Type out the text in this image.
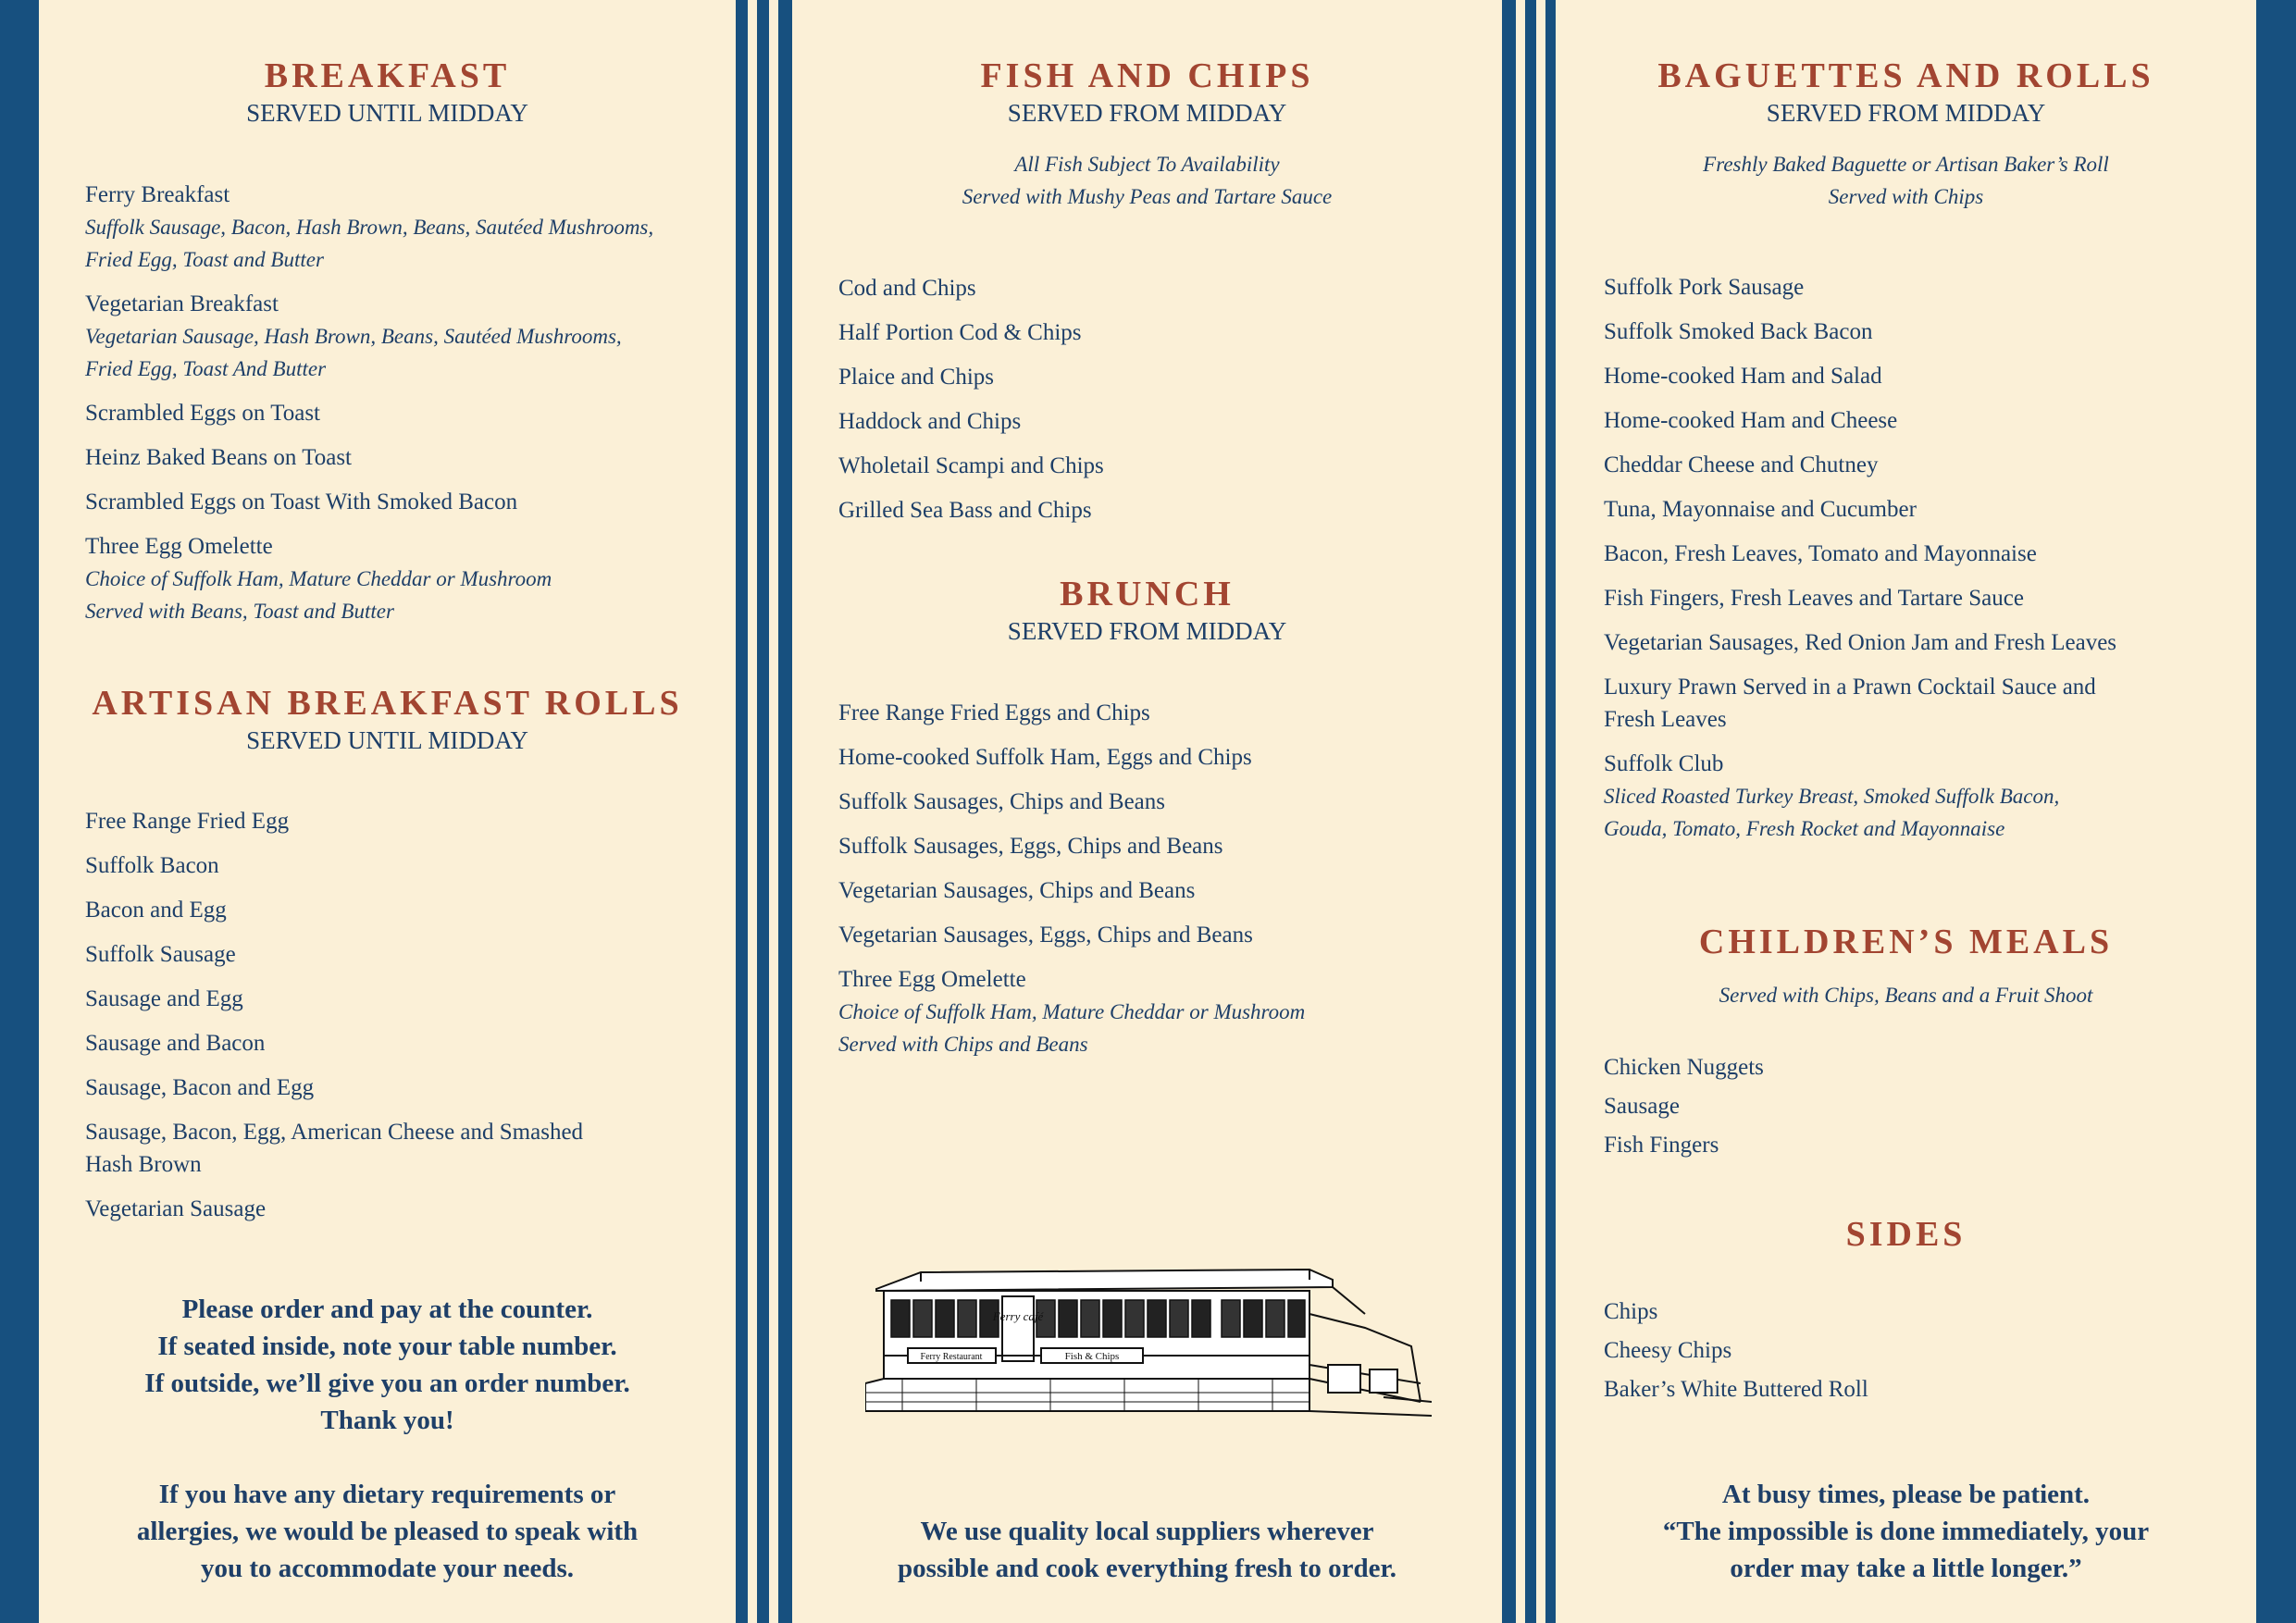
BREAKFAST
SERVED UNTIL MIDDAY
Ferry Breakfast
Suffolk Sausage, Bacon, Hash Brown, Beans, Sautéed Mushrooms,
Fried Egg, Toast and Butter
Vegetarian Breakfast
Vegetarian Sausage, Hash Brown, Beans, Sautéed Mushrooms,
Fried Egg, Toast And Butter
Scrambled Eggs on Toast
Heinz Baked Beans on Toast
Scrambled Eggs on Toast With Smoked Bacon
Three Egg Omelette
Choice of Suffolk Ham, Mature Cheddar or Mushroom
Served with Beans, Toast and Butter
ARTISAN BREAKFAST ROLLS
SERVED UNTIL MIDDAY
Free Range Fried Egg
Suffolk Bacon
Bacon and Egg
Suffolk Sausage
Sausage and Egg
Sausage and Bacon
Sausage, Bacon and Egg
Sausage, Bacon, Egg, American Cheese and Smashed
Hash Brown
Vegetarian Sausage
Please order and pay at the counter.
If seated inside, note your table number.
If outside, we’ll give you an order number.
Thank you!
If you have any dietary requirements or
allergies, we would be pleased to speak with
you to accommodate your needs.
FISH AND CHIPS
SERVED FROM MIDDAY
All Fish Subject To Availability
Served with Mushy Peas and Tartare Sauce
Cod and Chips
Half Portion Cod & Chips
Plaice and Chips
Haddock and Chips
Wholetail Scampi and Chips
Grilled Sea Bass and Chips
BRUNCH
SERVED FROM MIDDAY
Free Range Fried Eggs and Chips
Home-cooked Suffolk Ham, Eggs and Chips
Suffolk Sausages, Chips and Beans
Suffolk Sausages, Eggs, Chips and Beans
Vegetarian Sausages, Chips and Beans
Vegetarian Sausages, Eggs, Chips and Beans
Three Egg Omelette
Choice of Suffolk Ham, Mature Cheddar or Mushroom
Served with Chips and Beans
Ferry café
Ferry Restaurant	Fish & Chips
We use quality local suppliers wherever
possible and cook everything fresh to order.
BAGUETTES AND ROLLS
SERVED FROM MIDDAY
Freshly Baked Baguette or Artisan Baker’s Roll
Served with Chips
Suffolk Pork Sausage
Suffolk Smoked Back Bacon
Home-cooked Ham and Salad
Home-cooked Ham and Cheese
Cheddar Cheese and Chutney
Tuna, Mayonnaise and Cucumber
Bacon, Fresh Leaves, Tomato and Mayonnaise
Fish Fingers, Fresh Leaves and Tartare Sauce
Vegetarian Sausages, Red Onion Jam and Fresh Leaves
Luxury Prawn Served in a Prawn Cocktail Sauce and
Fresh Leaves
Suffolk Club
Sliced Roasted Turkey Breast, Smoked Suffolk Bacon,
Gouda, Tomato, Fresh Rocket and Mayonnaise
CHILDREN’S MEALS
Served with Chips, Beans and a Fruit Shoot
Chicken Nuggets
Sausage
Fish Fingers
SIDES
Chips
Cheesy Chips
Baker’s White Buttered Roll
At busy times, please be patient.
“The impossible is done immediately, your
order may take a little longer.”
